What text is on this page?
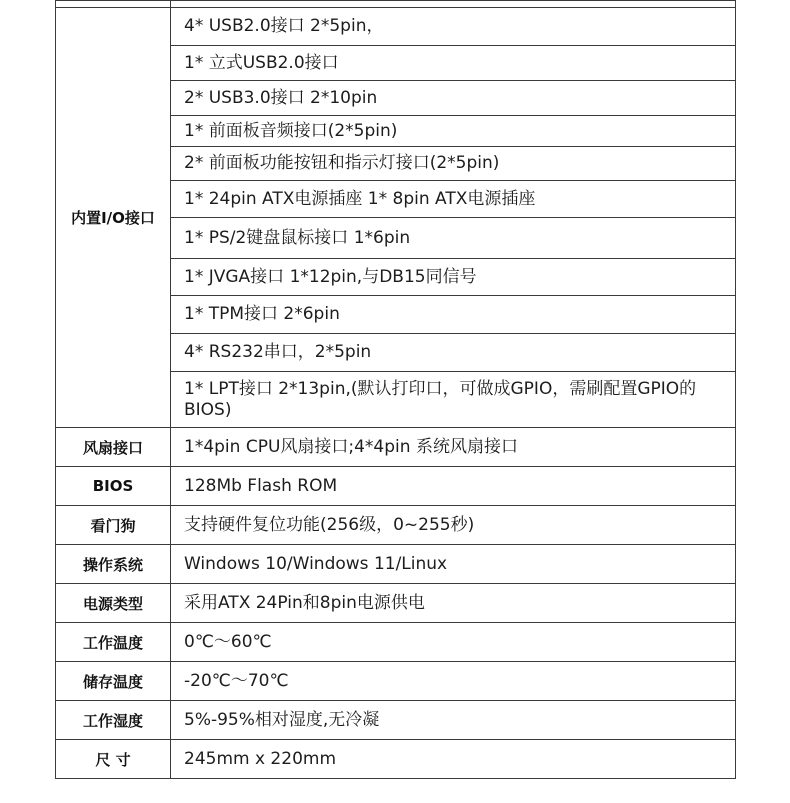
内置I/O接口	4* USB2.0接口 2*5pin，
	1* 立式USB2.0接口
	2* USB3.0接口 2*10pin
	1* 前面板音频接口(2*5pin)
	2* 前面板功能按钮和指示灯接口(2*5pin)
	1* 24pin ATX电源插座 1* 8pin ATX电源插座
	1* PS/2键盘鼠标接口 1*6pin
	1* JVGA接口 1*12pin,与DB15同信号
	1* TPM接口 2*6pin
	4* RS232串口，2*5pin
	1* LPT接口 2*13pin,(默认打印口，可做成GPIO，需刷配置GPIO的BIOS)
风扇接口	1*4pin CPU风扇接口;4*4pin 系统风扇接口
BIOS	128Mb Flash ROM
看门狗	支持硬件复位功能(256级，0~255秒)
操作系统	Windows 10/Windows 11/Linux
电源类型	采用ATX 24Pin和8pin电源供电
工作温度	0℃～60℃
储存温度	-20℃～70℃
工作湿度	5%-95%相对湿度,无冷凝
尺 寸	245mm x 220mm
